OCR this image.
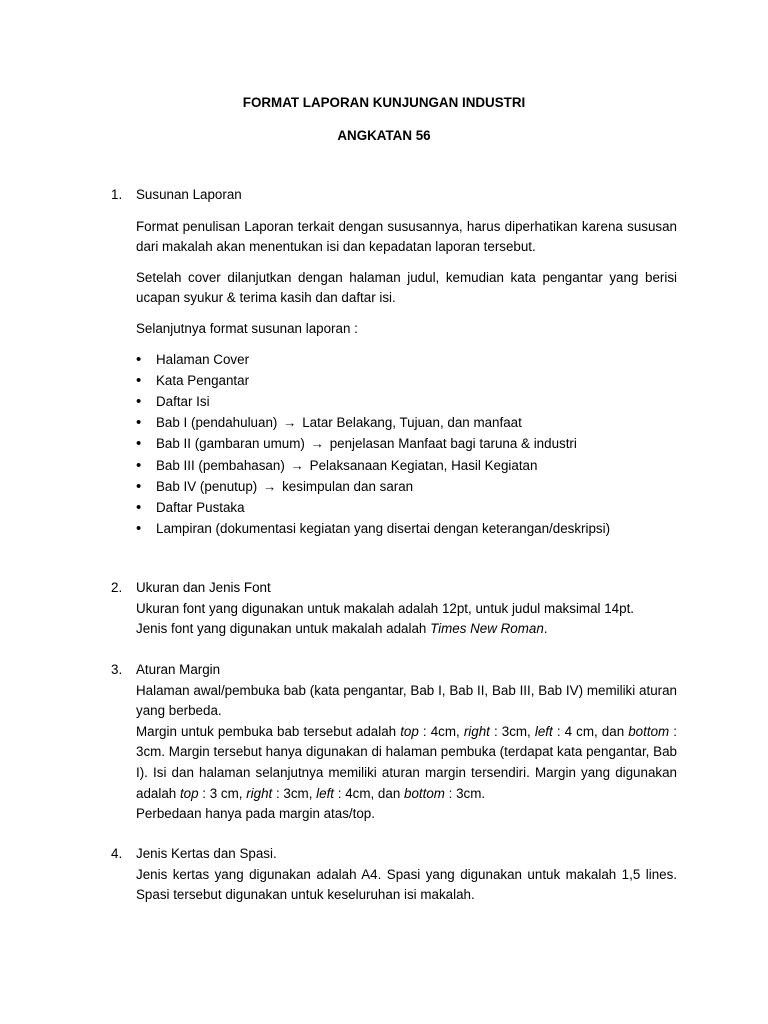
FORMAT LAPORAN KUNJUNGAN INDUSTRI
ANGKATAN 56
1. Susunan Laporan

Format penulisan Laporan terkait dengan sususannya, harus diperhatikan karena sususan dari makalah akan menentukan isi dan kepadatan laporan tersebut.

Setelah cover dilanjutkan dengan halaman judul, kemudian kata pengantar yang berisi ucapan syukur & terima kasih dan daftar isi.

Selanjutnya format susunan laporan :

• Halaman Cover
• Kata Pengantar
• Daftar Isi
• Bab I (pendahuluan) → Latar Belakang, Tujuan, dan manfaat
• Bab II (gambaran umum) → penjelasan Manfaat bagi taruna & industri
• Bab III (pembahasan) → Pelaksanaan Kegiatan, Hasil Kegiatan
• Bab IV (penutup) → kesimpulan dan saran
• Daftar Pustaka
• Lampiran (dokumentasi kegiatan yang disertai dengan keterangan/deskripsi)
2. Ukuran dan Jenis Font

Ukuran font yang digunakan untuk makalah adalah 12pt, untuk judul maksimal 14pt.

Jenis font yang digunakan untuk makalah adalah Times New Roman.

3. Aturan Margin

Halaman awal/pembuka bab (kata pengantar, Bab I, Bab II, Bab III, Bab IV) memiliki aturan yang berbeda.

Margin untuk pembuka bab tersebut adalah top : 4cm, right : 3cm, left : 4 cm, dan bottom : 3cm. Margin tersebut hanya digunakan di halaman pembuka (terdapat kata pengantar, Bab I). Isi dan halaman selanjutnya memiliki aturan margin tersendiri. Margin yang digunakan adalah top : 3 cm, right : 3cm, left : 4cm, dan bottom : 3cm.

Perbedaan hanya pada margin atas/top.

4. Jenis Kertas dan Spasi.

Jenis kertas yang digunakan adalah A4. Spasi yang digunakan untuk makalah 1,5 lines. Spasi tersebut digunakan untuk keseluruhan isi makalah.
